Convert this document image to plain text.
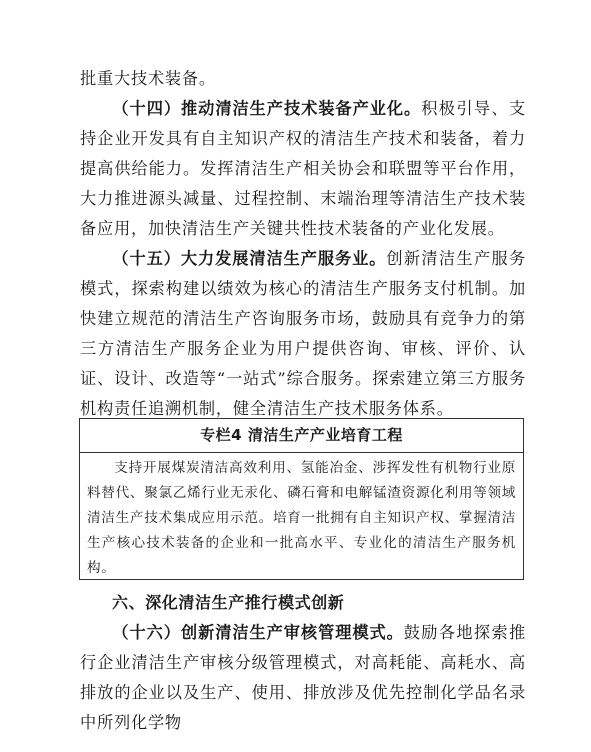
批重大技术装备。

（十四）推动清洁生产技术装备产业化。积极引导、支持企业开发具有自主知识产权的清洁生产技术和装备，着力提高供给能力。发挥清洁生产相关协会和联盟等平台作用，大力推进源头减量、过程控制、末端治理等清洁生产技术装备应用，加快清洁生产关键共性技术装备的产业化发展。

（十五）大力发展清洁生产服务业。创新清洁生产服务模式，探索构建以绩效为核心的清洁生产服务支付机制。加快建立规范的清洁生产咨询服务市场，鼓励具有竞争力的第三方清洁生产服务企业为用户提供咨询、审核、评价、认证、设计、改造等“一站式”综合服务。探索建立第三方服务机构责任追溯机制，健全清洁生产技术服务体系。

专栏4 清洁生产产业培育工程
支持开展煤炭清洁高效利用、氢能冶金、涉挥发性有机物行业原料替代、聚氯乙烯行业无汞化、磷石膏和电解锰渣资源化利用等领域清洁生产技术集成应用示范。培育一批拥有自主知识产权、掌握清洁生产核心技术装备的企业和一批高水平、专业化的清洁生产服务机构。
六、深化清洁生产推行模式创新

（十六）创新清洁生产审核管理模式。鼓励各地探索推行企业清洁生产审核分级管理模式，对高耗能、高耗水、高排放的企业以及生产、使用、排放涉及优先控制化学品名录中所列化学物
